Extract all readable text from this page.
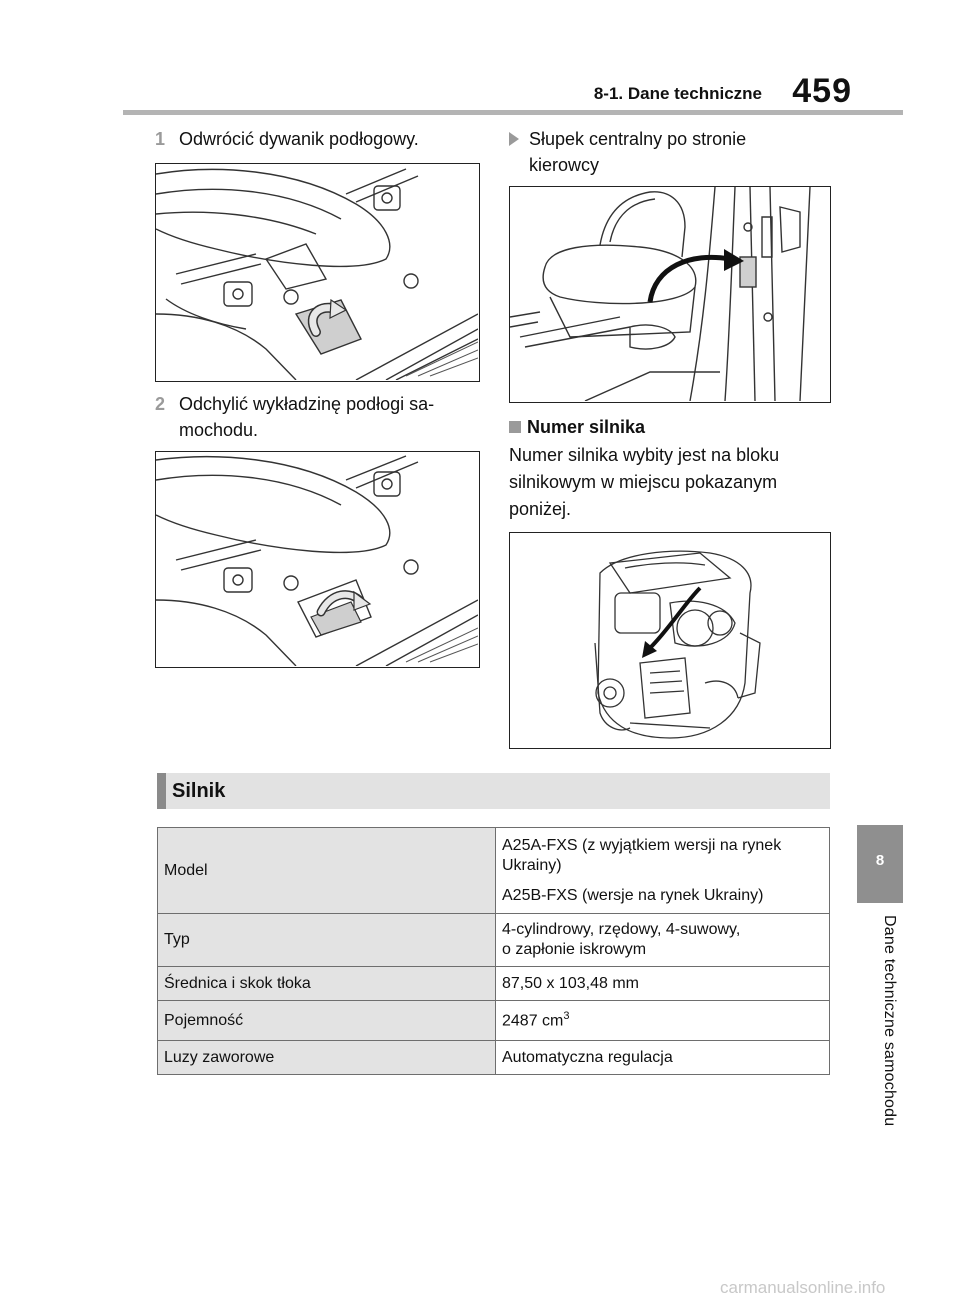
8-1. Dane techniczne 459
8
Dane techniczne samochodu
1 Odwrócić dywanik podłogowy.
2 Odchylić wykładzinę podłogi sa-
mochodu.
Słupek centralny po stronie
kierowcy
Numer silnika
Numer silnika wybity jest na bloku
silnikowym w miejscu pokazanym
poniżej.
Silnik
Model	A25A-FXS (z wyjątkiem wersji na rynek Ukrainy)
A25B-FXS (wersje na rynek Ukrainy)

Typ	4-cylindrowy, rzędowy, 4-suwowy,
o zapłonie iskrowym

Średnica i skok tłoka	87,50 x 103,48 mm
Pojemność	2487 $cm^3$
Luzy zaworowe	Automatyczna regulacja
carmanualsonline.info
